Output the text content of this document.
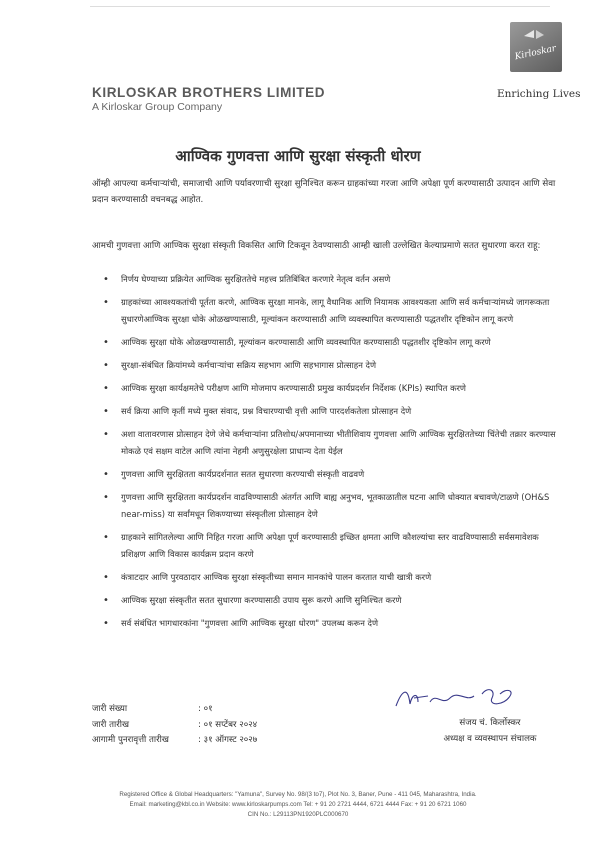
Kirloskar
KIRLOSKAR BROTHERS LIMITED
A Kirloskar Group Company
Enriching Lives
आण्विक गुणवत्ता आणि सुरक्षा संस्कृती धोरण
ऑम्ही आपल्या कर्मचाऱ्यांची, समाजाची आणि पर्यावरणाची सुरक्षा सुनिश्चित करून ग्राहकांच्या गरजा आणि अपेक्षा पूर्ण करण्यासाठी उत्पादन आणि सेवा प्रदान करण्यासाठी वचनबद्ध आहोत.
आमची गुणवत्ता आणि आण्विक सुरक्षा संस्कृती विकसित आणि टिकवून ठेवण्यासाठी आम्ही खाली उल्लेखित केल्याप्रमाणे सतत सुधारणा करत राहू:
• निर्णय घेण्याच्या प्रक्रियेत आण्विक सुरक्षिततेचे महत्त्व प्रतिबिंबित करणारे नेतृत्व वर्तन असणे
• ग्राहकांच्या आवश्यकतांची पूर्तता करणे, आण्विक सुरक्षा मानके, लागू वैधानिक आणि नियामक आवश्यकता आणि सर्व कर्मचाऱ्यांमध्ये जागरूकता सुधारणेआण्विक सुरक्षा धोके ओळखण्यासाठी, मूल्यांकन करण्यासाठी आणि व्यवस्थापित करण्यासाठी पद्धतशीर दृष्टिकोन लागू करणे
• आण्विक सुरक्षा धोके ओळखण्यासाठी, मूल्यांकन करण्यासाठी आणि व्यवस्थापित करण्यासाठी पद्धतशीर दृष्टिकोन लागू करणे
• सुरक्षा-संबंधित क्रियांमध्ये कर्मचाऱ्यांचा सक्रिय सहभाग आणि सहभागास प्रोत्साहन देणे
• आण्विक सुरक्षा कार्यक्षमतेचे परीक्षण आणि मोजमाप करण्यासाठी प्रमुख कार्यप्रदर्शन निर्देशक (KPIs) स्थापित करणे
• सर्व क्रिया आणि कृतीं मध्ये मुक्त संवाद, प्रश्न विचारण्याची वृत्ती आणि पारदर्शकतेला प्रोत्साहन देणे
• अशा वातावरणास प्रोत्साहन देणे जेथे कर्मचाऱ्यांना प्रतिशोध/अपमानाच्या भीतीशिवाय गुणवत्ता आणि आण्विक सुरक्षिततेच्या चिंतेची तक्रार करण्यास मोकळे एवं सक्षम वाटेल आणि त्यांना नेहमी अणुसुरक्षेला प्राधान्य देता येईल
• गुणवत्ता आणि सुरक्षितता कार्यप्रदर्शनात सतत सुधारणा करण्याची संस्कृती वाढवणे
• गुणवत्ता आणि सुरक्षितता कार्यप्रदर्शन वाढविण्यासाठी अंतर्गत आणि बाह्य अनुभव, भूतकाळातील घटना आणि धोक्यात बचावणे/टाळणे (OH&S near-miss) या सर्वांमधून शिकण्याच्या संस्कृतीला प्रोत्साहन देणे
• ग्राहकाने सांगितलेल्या आणि निहित गरजा आणि अपेक्षा पूर्ण करण्यासाठी इच्छित क्षमता आणि कौशल्यांचा स्तर वाढविण्यासाठी सर्वसमावेशक प्रशिक्षण आणि विकास कार्यक्रम प्रदान करणे
• कंत्राटदार आणि पुरवठादार आण्विक सुरक्षा संस्कृतीच्या समान मानकांचे पालन करतात याची खात्री करणे
• आण्विक सुरक्षा संस्कृतीत सतत सुधारणा करण्यासाठी उपाय सुरू करणे आणि सुनिश्चित करणे
• सर्व संबंधित भागधारकांना "गुणवत्ता आणि आण्विक सुरक्षा धोरण" उपलब्ध करून देणे
जारी संख्या	: ०१
जारी तारीख	: ०१ सप्टेंबर २०२४
आगामी पुनरावृत्ती तारीख	: ३१ ऑगस्ट २०२७
संजय चं. किर्लोस्कर
अध्यक्ष व व्यवस्थापन संचालक
Registered Office & Global Headquarters: "Yamuna", Survey No. 98/(3 to7), Plot No. 3, Baner, Pune - 411 045, Maharashtra, India.
Email: marketing@kbl.co.in Website: www.kirloskarpumps.com Tel: + 91 20 2721 4444, 6721 4444 Fax: + 91 20 6721 1060
CIN No.: L29113PN1920PLC000670
